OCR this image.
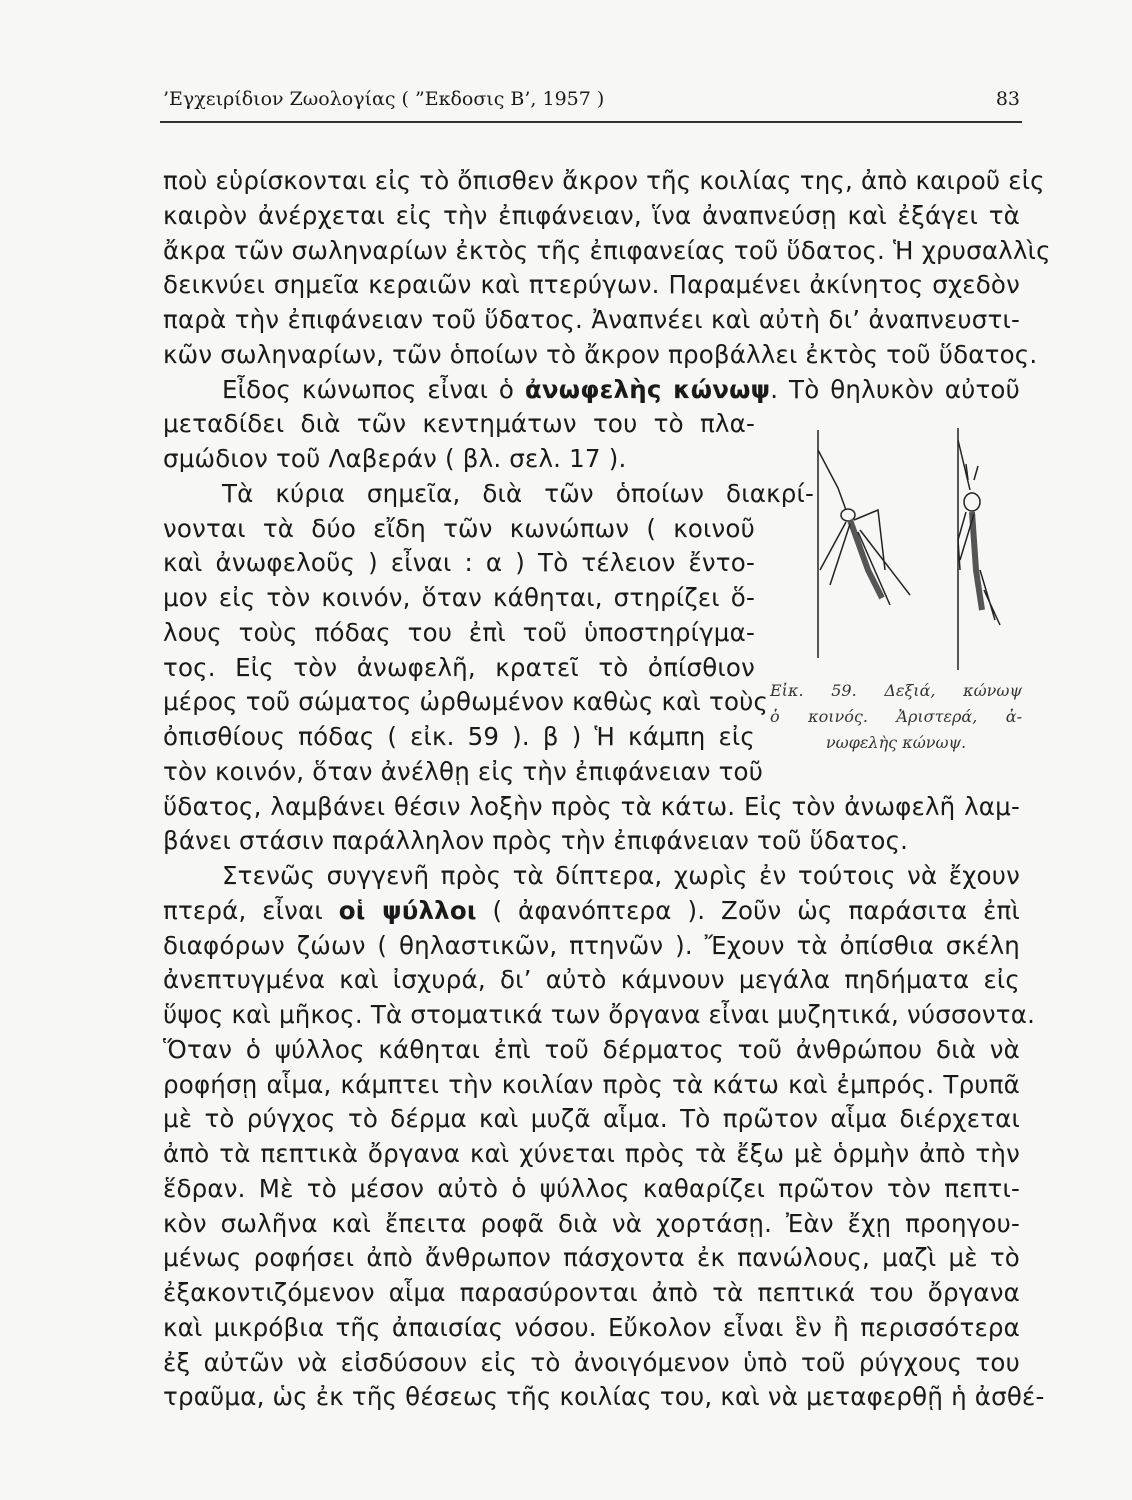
’Εγχειρίδιον Ζωολογίας ( ”Εκδοσις Β’, 1957 )	83
ποὺ εὑρίσκονται εἰς τὸ ὄπισθεν ἄκρον τῆς κοιλίας της, ἀπὸ καιροῦ εἰς
καιρὸν ἀνέρχεται εἰς τὴν ἐπιφάνειαν, ἵνα ἀναπνεύσῃ καὶ ἐξάγει τὰ
ἄκρα τῶν σωληναρίων ἐκτὸς τῆς ἐπιφανείας τοῦ ὕδατος. Ἡ χρυσαλλὶς
δεικνύει σημεῖα κεραιῶν καὶ πτερύγων. Παραμένει ἀκίνητος σχεδὸν
παρὰ τὴν ἐπιφάνειαν τοῦ ὕδατος. Ἀναπνέει καὶ αὐτὴ δι’ ἀναπνευστι-
κῶν σωληναρίων, τῶν ὁποίων τὸ ἄκρον προβάλλει ἐκτὸς τοῦ ὕδατος.
Εἶδος κώνωπος εἶναι ὁ ἀνωφελὴς κώνωψ. Τὸ θηλυκὸν αὐτοῦ
μεταδίδει διὰ τῶν κεντημάτων του τὸ πλα-
σμώδιον τοῦ Λαβεράν ( βλ. σελ. 17 ).
Τὰ κύρια σημεῖα, διὰ τῶν ὁποίων διακρί-
νονται τὰ δύο εἴδη τῶν κωνώπων ( κοινοῦ
καὶ ἀνωφελοῦς ) εἶναι : α ) Τὸ τέλειον ἔντο-
μον εἰς τὸν κοινόν, ὅταν κάθηται, στηρίζει ὅ-
λους τοὺς πόδας του ἐπὶ τοῦ ὑποστηρίγμα-
τος. Εἰς τὸν ἀνωφελῆ, κρατεῖ τὸ ὀπίσθιον
μέρος τοῦ σώματος ὠρθωμένον καθὼς καὶ τοὺς
ὀπισθίους πόδας ( εἰκ. 59 ). β ) Ἡ κάμπη εἰς
τὸν κοινόν, ὅταν ἀνέλθῃ εἰς τὴν ἐπιφάνειαν τοῦ
ὕδατος, λαμβάνει θέσιν λοξὴν πρὸς τὰ κάτω. Εἰς τὸν ἀνωφελῆ λαμ-
βάνει στάσιν παράλληλον πρὸς τὴν ἐπιφάνειαν τοῦ ὕδατος.
Στενῶς συγγενῆ πρὸς τὰ δίπτερα, χωρὶς ἐν τούτοις νὰ ἔχουν
πτερά, εἶναι οἱ ψύλλοι ( ἀφανόπτερα ). Ζοῦν ὡς παράσιτα ἐπὶ
διαφόρων ζώων ( θηλαστικῶν, πτηνῶν ). Ἔχουν τὰ ὀπίσθια σκέλη
ἀνεπτυγμένα καὶ ἰσχυρά, δι’ αὐτὸ κάμνουν μεγάλα πηδήματα εἰς
ὕψος καὶ μῆκος. Τὰ στοματικά των ὄργανα εἶναι μυζητικά, νύσσοντα.
Ὅταν ὁ ψύλλος κάθηται ἐπὶ τοῦ δέρματος τοῦ ἀνθρώπου διὰ νὰ
ροφήσῃ αἷμα, κάμπτει τὴν κοιλίαν πρὸς τὰ κάτω καὶ ἐμπρός. Τρυπᾶ
μὲ τὸ ρύγχος τὸ δέρμα καὶ μυζᾶ αἷμα. Τὸ πρῶτον αἷμα διέρχεται
ἀπὸ τὰ πεπτικὰ ὄργανα καὶ χύνεται πρὸς τὰ ἔξω μὲ ὁρμὴν ἀπὸ τὴν
ἕδραν. Μὲ τὸ μέσον αὐτὸ ὁ ψύλλος καθαρίζει πρῶτον τὸν πεπτι-
κὸν σωλῆνα καὶ ἔπειτα ροφᾶ διὰ νὰ χορτάσῃ. Ἐὰν ἔχῃ προηγου-
μένως ροφήσει ἀπὸ ἄνθρωπον πάσχοντα ἐκ πανώλους, μαζὶ μὲ τὸ
ἐξακοντιζόμενον αἷμα παρασύρονται ἀπὸ τὰ πεπτικά του ὄργανα
καὶ μικρόβια τῆς ἀπαισίας νόσου. Εὔκολον εἶναι ἓν ἢ περισσότερα
ἐξ αὐτῶν νὰ εἰσδύσουν εἰς τὸ ἀνοιγόμενον ὑπὸ τοῦ ρύγχους του
τραῦμα, ὡς ἐκ τῆς θέσεως τῆς κοιλίας του, καὶ νὰ μεταφερθῇ ἡ ἀσθέ-
Εἰκ. 59. Δεξιά, κώνωψ
ὁ κοινός. Ἀριστερά, ἀ-
νωφελὴς κώνωψ.
